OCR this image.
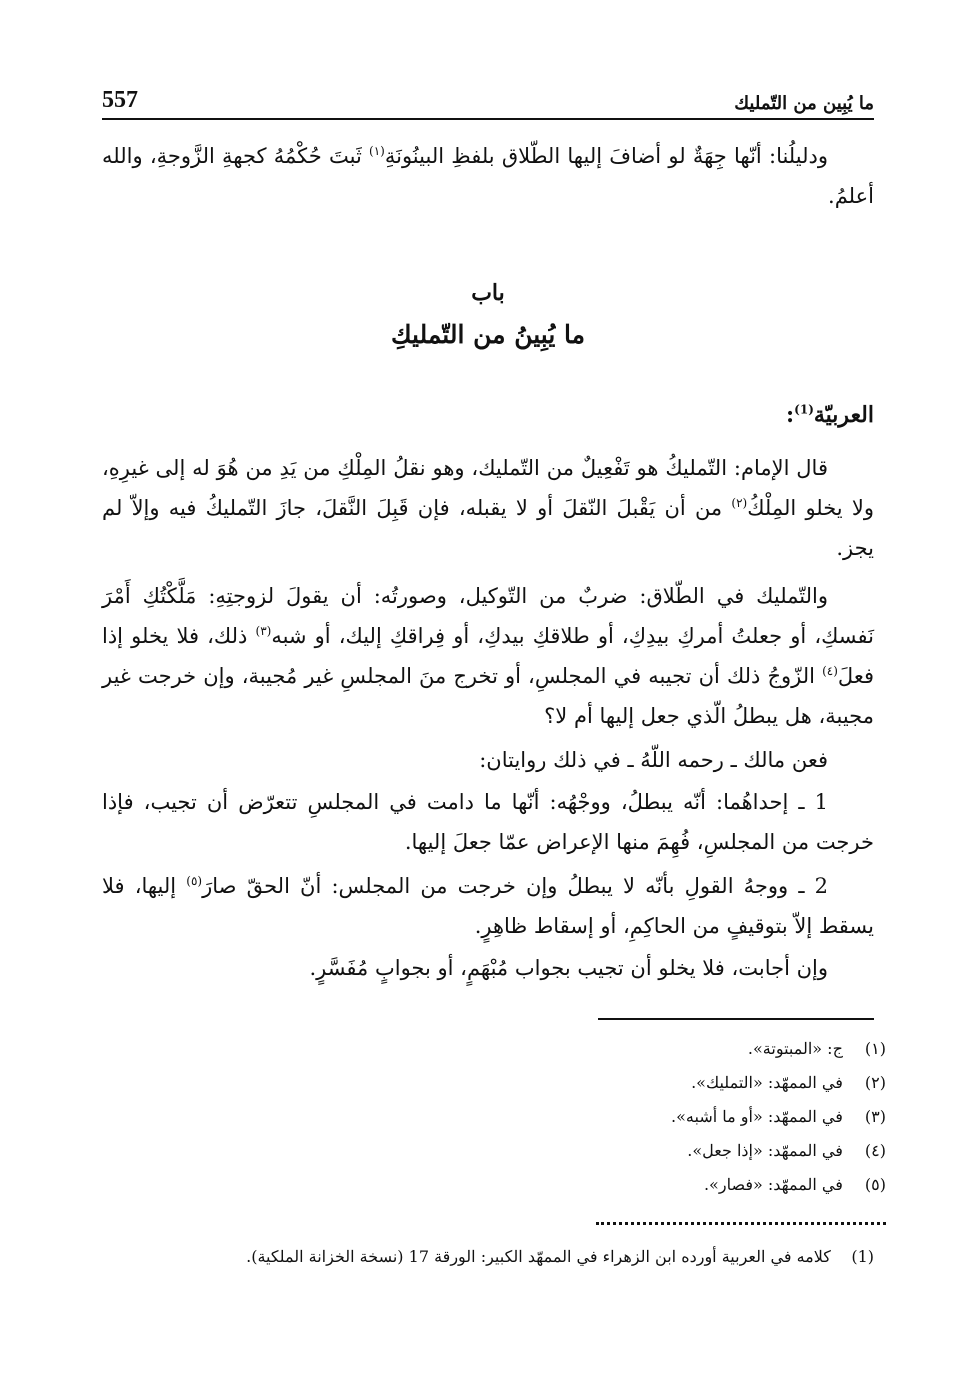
557	ما يُبِين من التّمليك

ودليلُنا: أنّها جِهَةٌ لو أضافَ إليها الطّلاق بلفظِ البينُونَةِ$^{(١)}$ ثَبتَ حُكْمُهُ كجهةِ الزَّوجةِ، والله أعلمُ.

باب

ما يُبِينُ من التّمليكِ

العربيّة$^{(1)}$:

قال الإمام: التّمليكُ هو تَفْعِيلٌ من التّمليك، وهو نقلُ المِلْكِ من يَدِ من هُوَ له إلى غيرِهِ، ولا يخلو المِلْكُ$^{(٢)}$ من أن يَقْبلَ النّقلَ أو لا يقبله، فإن قَبِلَ النَّقلَ، جازَ التّمليكُ فيه وإلاّ لم يجز.

والتّمليك في الطّلاق: ضربٌ من التّوكيل، وصورتُه: أن يقولَ لزوجتِهِ: مَلَّكْتُكِ أَمْرَ نَفسكِ، أو جعلتُ أمركِ بيدِكِ، أو طلاقكِ بيدكِ، أو فِراقكِ إليك، أو شبه$^{(٣)}$ ذلك، فلا يخلو إذا فعلَ$^{(٤)}$ الزّوجُ ذلك أن تجيبه في المجلسِ، أو تخرج منَ المجلسِ غير مُجيبة، وإن خرجت غير مجيبة، هل يبطلُ الّذي جعل إليها أم لا؟

فعن مالك ـ رحمه اللّهُ ـ في ذلك روايتان:

1 ـ إحداهُما: أنّه يبطلُ، ووجْهُه: أنّها ما دامت في المجلسِ تتعرّض أن تجيب، فإذا خرجت من المجلسِ، فُهِمَ منها الإعراض عمّا جعلَ إليها.

2 ـ ووجهُ القولِ بأنّه لا يبطلُ وإن خرجت من المجلس: أنّ الحقّ صارَ$^{(٥)}$ إليها، فلا يسقط إلاّ بتوقيفٍ من الحاكِمِ، أو إسقاط ظاهِرٍ.

وإن أجابت، فلا يخلو أن تجيب بجواب مُبْهَمٍ، أو بجوابٍ مُفَسَّرٍ.

(١) ج: «المبتوتة».
(٢) في الممهّد: «التمليك».
(٣) في الممهّد: «أو ما أشبه».
(٤) في الممهّد: «إذا جعل».
(٥) في الممهّد: «فصار».

(1) كلامه في العربية أورده ابن الزهراء في الممهّد الكبير: الورقة 17 (نسخة الخزانة الملكية).
